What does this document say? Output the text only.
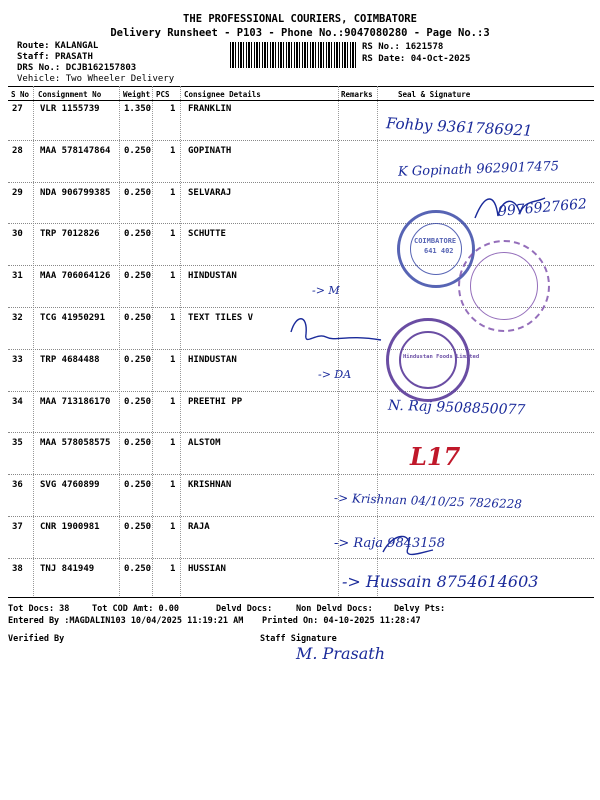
THE PROFESSIONAL COURIERS, COIMBATORE
Delivery Runsheet - P103 - Phone No.:9047080280 - Page No.:3
Route: KALANGAL
Staff: PRASATH
DRS No.: DCJB162157803
Vehicle: Two Wheeler Delivery
RS No.: 1621578
RS Date: 04-Oct-2025
S No Consignment No	Weight PCS Consignee Details	Remarks	Seal & Signature
27 VLR 1155739	1.350 1 FRANKLIN
28 MAA 578147864 0.250 1 GOPINATH
29 NDA 906799385 0.250 1 SELVARAJ
30 TRP 7012826	0.250 1 SCHUTTE
31 MAA 706064126 0.250 1 HINDUSTAN
32 TCG 41950291 0.250 1 TEXT TILES V
33 TRP 4684488	0.250 1 HINDUSTAN
34 MAA 713186170 0.250 1 PREETHI PP
35 MAA 578058575 0.250 1 ALSTOM
36 SVG 4760899	0.250 1 KRISHNAN
37 CNR 1900981	0.250 1 RAJA
38 TNJ 841949	0.250 1 HUSSIAN
Fohby 9361786921
K Gopinath 9629017475
9976927662
-> M
-> DA
N. Raj 9508850077
L17
-> Krishnan 04/10/25 7826228
-> Raja 9843158
-> Hussain 8754614603
COIMBATORE
641 402
Hindustan Foods Limited
Tot Docs: 38	Tot COD Amt: 0.00	Delvd Docs:	Non Delvd Docs: Delvy Pts:
Entered By :MAGDALIN103 10/04/2025 11:19:21 AM Printed On: 04-10-2025 11:28:47
Verified By	Staff Signature
M. Prasath
